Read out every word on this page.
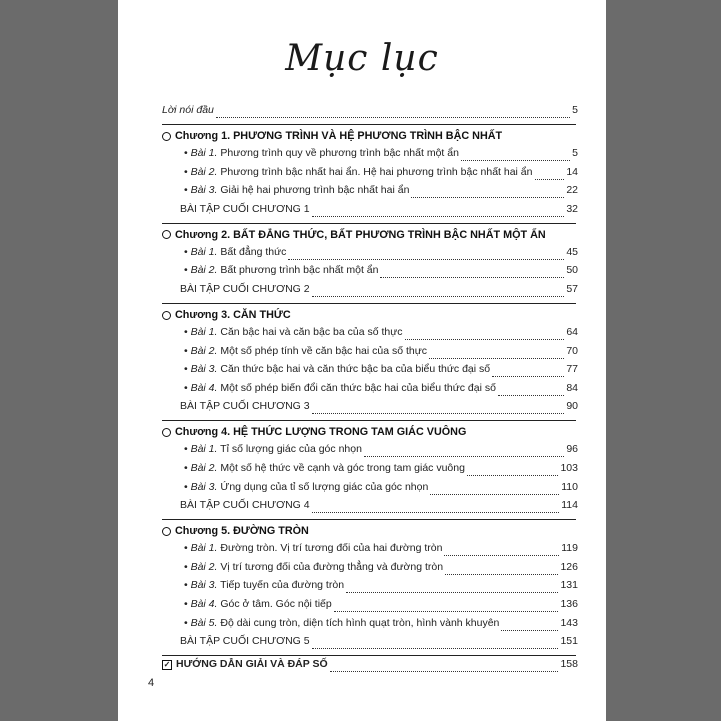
Mục lục
Lời nói đầu	5
Chương 1. PHƯƠNG TRÌNH VÀ HỆ PHƯƠNG TRÌNH BẬC NHẤT
• Bài 1. Phương trình quy về phương trình bậc nhất một ẩn	5
• Bài 2. Phương trình bậc nhất hai ẩn. Hệ hai phương trình bậc nhất hai ẩn	14
• Bài 3. Giải hệ hai phương trình bậc nhất hai ẩn	22
BÀI TẬP CUỐI CHƯƠNG 1	32
Chương 2. BẤT ĐẲNG THỨC, BẤT PHƯƠNG TRÌNH BẬC NHẤT MỘT ẨN
• Bài 1. Bất đẳng thức	45
• Bài 2. Bất phương trình bậc nhất một ẩn	50
BÀI TẬP CUỐI CHƯƠNG 2	57
Chương 3. CĂN THỨC
• Bài 1. Căn bậc hai và căn bậc ba của số thực	64
• Bài 2. Một số phép tính về căn bậc hai của số thực	70
• Bài 3. Căn thức bậc hai và căn thức bậc ba của biểu thức đại số	77
• Bài 4. Một số phép biến đổi căn thức bậc hai của biểu thức đại số	84
BÀI TẬP CUỐI CHƯƠNG 3	90
Chương 4. HỆ THỨC LƯỢNG TRONG TAM GIÁC VUÔNG
• Bài 1. Tỉ số lượng giác của góc nhọn	96
• Bài 2. Một số hệ thức về cạnh và góc trong tam giác vuông	103
• Bài 3. Ứng dụng của tỉ số lượng giác của góc nhọn	110
BÀI TẬP CUỐI CHƯƠNG 4	114
Chương 5. ĐƯỜNG TRÒN
• Bài 1. Đường tròn. Vị trí tương đối của hai đường tròn	119
• Bài 2. Vị trí tương đối của đường thẳng và đường tròn	126
• Bài 3. Tiếp tuyến của đường tròn	131
• Bài 4. Góc ở tâm. Góc nội tiếp	136
• Bài 5. Độ dài cung tròn, diện tích hình quạt tròn, hình vành khuyên	143
BÀI TẬP CUỐI CHƯƠNG 5	151
✓ HƯỚNG DẪN GIẢI VÀ ĐÁP SỐ	158
4
